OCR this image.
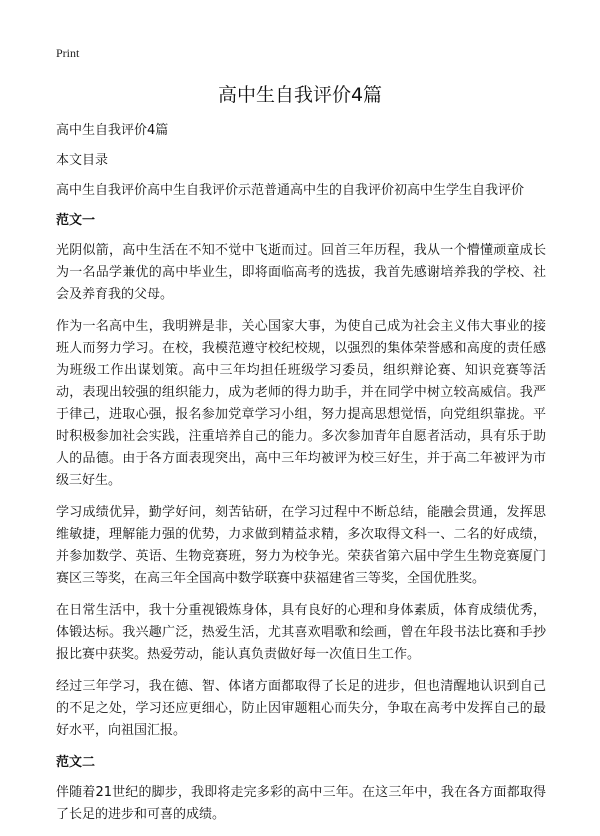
Print
高中生自我评价4篇

高中生自我评价4篇

本文目录

高中生自我评价高中生自我评价示范普通高中生的自我评价初高中生学生自我评价

范文一

光阴似箭，高中生活在不知不觉中飞逝而过。回首三年历程，我从一个懵懂顽童成长为一名品学兼优的高中毕业生，即将面临高考的选拔，我首先感谢培养我的学校、社会及养育我的父母。

作为一名高中生，我明辨是非，关心国家大事，为使自己成为社会主义伟大事业的接班人而努力学习。在校，我模范遵守校纪校规，以强烈的集体荣誉感和高度的责任感为班级工作出谋划策。高中三年均担任班级学习委员，组织辩论赛、知识竞赛等活动，表现出较强的组织能力，成为老师的得力助手，并在同学中树立较高威信。我严于律己，进取心强，报名参加党章学习小组，努力提高思想觉悟，向党组织靠拢。平时积极参加社会实践，注重培养自己的能力。多次参加青年自愿者活动，具有乐于助人的品德。由于各方面表现突出，高中三年均被评为校三好生，并于高二年被评为市级三好生。

学习成绩优异，勤学好问，刻苦钻研，在学习过程中不断总结，能融会贯通，发挥思维敏捷，理解能力强的优势，力求做到精益求精，多次取得文科一、二名的好成绩，并参加数学、英语、生物竞赛班，努力为校争光。荣获省第六届中学生生物竞赛厦门赛区三等奖，在高三年全国高中数学联赛中获福建省三等奖，全国优胜奖。

在日常生活中，我十分重视锻炼身体，具有良好的心理和身体素质，体育成绩优秀，体锻达标。我兴趣广泛，热爱生活，尤其喜欢唱歌和绘画，曾在年段书法比赛和手抄报比赛中获奖。热爱劳动，能认真负责做好每一次值日生工作。

经过三年学习，我在德、智、体诸方面都取得了长足的进步，但也清醒地认识到自己的不足之处，学习还应更细心，防止因审题粗心而失分，争取在高考中发挥自己的最好水平，向祖国汇报。

范文二

伴随着21世纪的脚步，我即将走完多彩的高中三年。在这三年中，我在各方面都取得了长足的进步和可喜的成绩。
